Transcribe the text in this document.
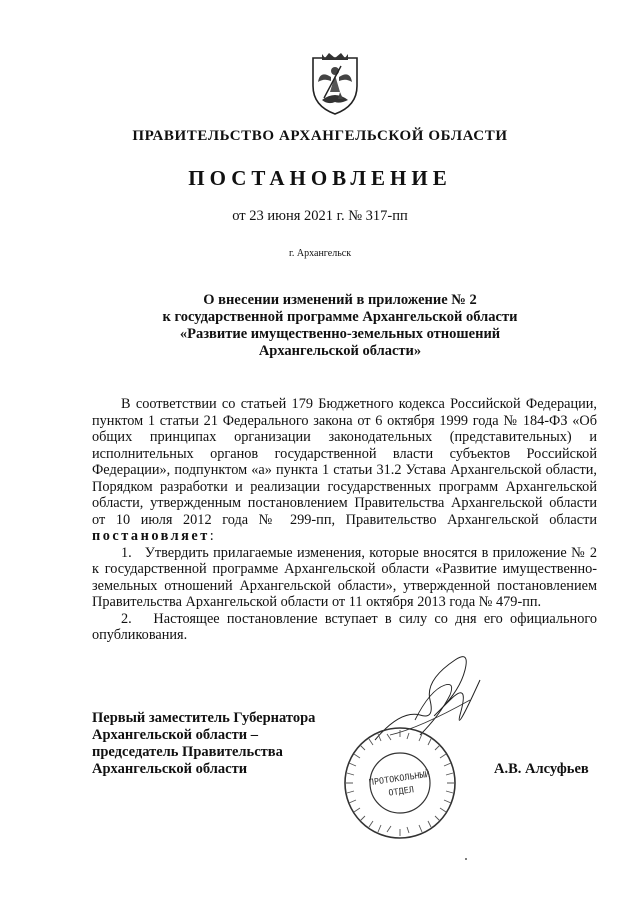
ПРАВИТЕЛЬСТВО АРХАНГЕЛЬСКОЙ ОБЛАСТИ
ПОСТАНОВЛЕНИЕ
от 23 июня 2021 г. № 317-пп
г. Архангельск
О внесении изменений в приложение № 2
к государственной программе Архангельской области
«Развитие имущественно-земельных отношений
Архангельской области»

В соответствии со статьей 179 Бюджетного кодекса Российской Федерации, пунктом 1 статьи 21 Федерального закона от 6 октября 1999 года № 184-ФЗ «Об общих принципах организации законодательных (представительных) и исполнительных органов государственной власти субъектов Российской Федерации», подпунктом «а» пункта 1 статьи 31.2 Устава Архангельской области, Порядком разработки и реализации государственных программ Архангельской области, утвержденным постановлением Правительства Архангельской области от 10 июля 2012 года № 299-пп, Правительство Архангельской области постановляет:

1.   Утвердить прилагаемые изменения, которые вносятся в приложение № 2 к государственной программе Архангельской области «Развитие имущественно-земельных отношений Архангельской области», утвержденной постановлением Правительства Архангельской области от 11 октября 2013 года № 479-пп.

2.   Настоящее постановление вступает в силу со дня его официального опубликования.

Первый заместитель Губернатора
Архангельской области –
председатель Правительства
Архангельской области
ПРОТОКОЛЬНЫЙ
ОТДЕЛ
А.В. Алсуфьев
